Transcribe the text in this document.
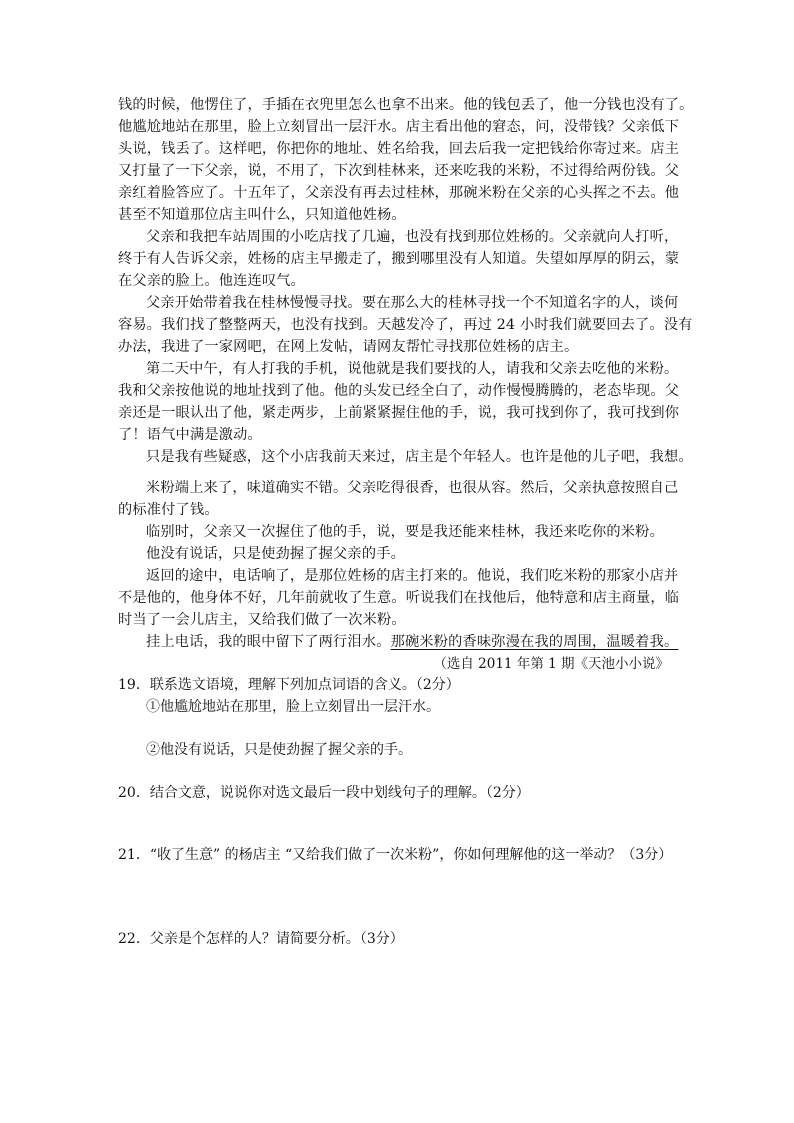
钱的时候，他愣住了，手插在衣兜里怎么也拿不出来。他的钱包丢了，他一分钱也没有了。
他尴尬地站在那里，脸上立刻冒出一层汗水。店主看出他的窘态，问，没带钱？父亲低下
头说，钱丢了。这样吧，你把你的地址、姓名给我，回去后我一定把钱给你寄过来。店主
又打量了一下父亲，说，不用了，下次到桂林来，还来吃我的米粉，不过得给两份钱。父
亲红着脸答应了。十五年了，父亲没有再去过桂林，那碗米粉在父亲的心头挥之不去。他
甚至不知道那位店主叫什么，只知道他姓杨。
父亲和我把车站周围的小吃店找了几遍，也没有找到那位姓杨的。父亲就向人打听，
终于有人告诉父亲，姓杨的店主早搬走了，搬到哪里没有人知道。失望如厚厚的阴云，蒙
在父亲的脸上。他连连叹气。
父亲开始带着我在桂林慢慢寻找。要在那么大的桂林寻找一个不知道名字的人，谈何
容易。我们找了整整两天，也没有找到。天越发冷了，再过 24 小时我们就要回去了。没有
办法，我进了一家网吧，在网上发帖，请网友帮忙寻找那位姓杨的店主。
第二天中午，有人打我的手机，说他就是我们要找的人，请我和父亲去吃他的米粉。
我和父亲按他说的地址找到了他。他的头发已经全白了，动作慢慢腾腾的，老态毕现。父
亲还是一眼认出了他，紧走两步，上前紧紧握住他的手，说，我可找到你了，我可找到你
了！语气中满是激动。
只是我有些疑惑，这个小店我前天来过，店主是个年轻人。也许是他的儿子吧，我想。
米粉端上来了，味道确实不错。父亲吃得很香，也很从容。然后，父亲执意按照自己
的标准付了钱。
临别时，父亲又一次握住了他的手，说，要是我还能来桂林，我还来吃你的米粉。
他没有说话，只是使劲握了握父亲的手。
返回的途中，电话响了，是那位姓杨的店主打来的。他说，我们吃米粉的那家小店并
不是他的，他身体不好，几年前就收了生意。听说我们在找他后，他特意和店主商量，临
时当了一会儿店主，又给我们做了一次米粉。
挂上电话，我的眼中留下了两行泪水。那碗米粉的香味弥漫在我的周围，温暖着我。
（选自 2011 年第 1 期《天池小小说》
19．联系选文语境，理解下列加点词语的含义。（2分）
①他尴尬地站在那里，脸上立刻冒出一层汗水。
②他没有说话，只是使劲握了握父亲的手。
20．结合文意，说说你对选文最后一段中划线句子的理解。（2分）
21．“收了生意” 的杨店主 “又给我们做了一次米粉”，你如何理解他的这一举动？（3分）
22．父亲是个怎样的人？请简要分析。（3分）
